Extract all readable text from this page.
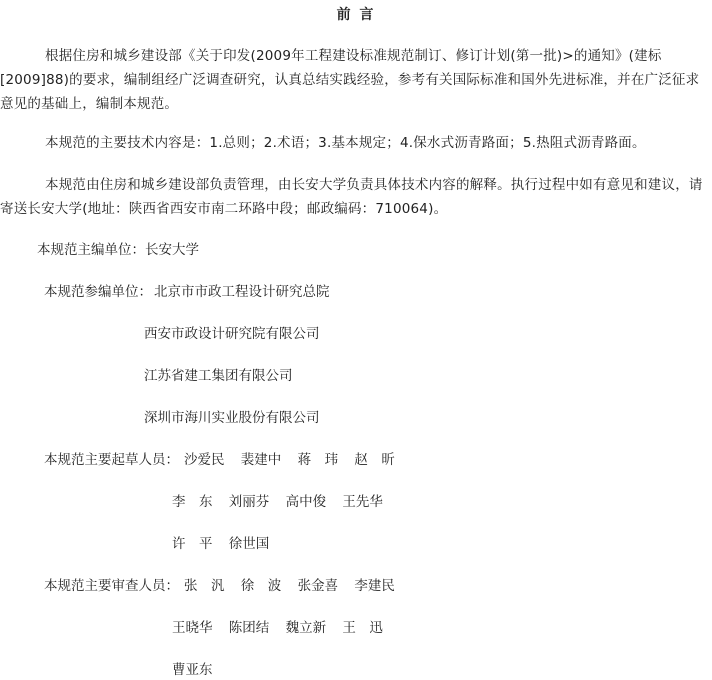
前 言
根据住房和城乡建设部《关于印发(2009年工程建设标准规范制订、修订计划(第一批)>的通知》(建标[2009]88)的要求，编制组经广泛调查研究，认真总结实践经验，参考有关国际标准和国外先进标准，并在广泛征求意见的基础上，编制本规范。
本规范的主要技术内容是：1.总则；2.术语；3.基本规定；4.保水式沥青路面；5.热阻式沥青路面。
本规范由住房和城乡建设部负责管理，由长安大学负责具体技术内容的解释。执行过程中如有意见和建议，请寄送长安大学(地址：陕西省西安市南二环路中段；邮政编码：710064)。
本规范主编单位：长安大学
本规范参编单位： 北京市市政工程设计研究总院
西安市政设计研究院有限公司
江苏省建工集团有限公司
深圳市海川实业股份有限公司
本规范主要起草人员： 沙爱民 裴建中 蒋　玮 赵　昕
李　东 刘丽芬 高中俊 王先华
许　平 徐世国
本规范主要审查人员： 张　汎 徐　波 张金喜 李建民
王晓华 陈团结 魏立新 王　迅
曹亚东
